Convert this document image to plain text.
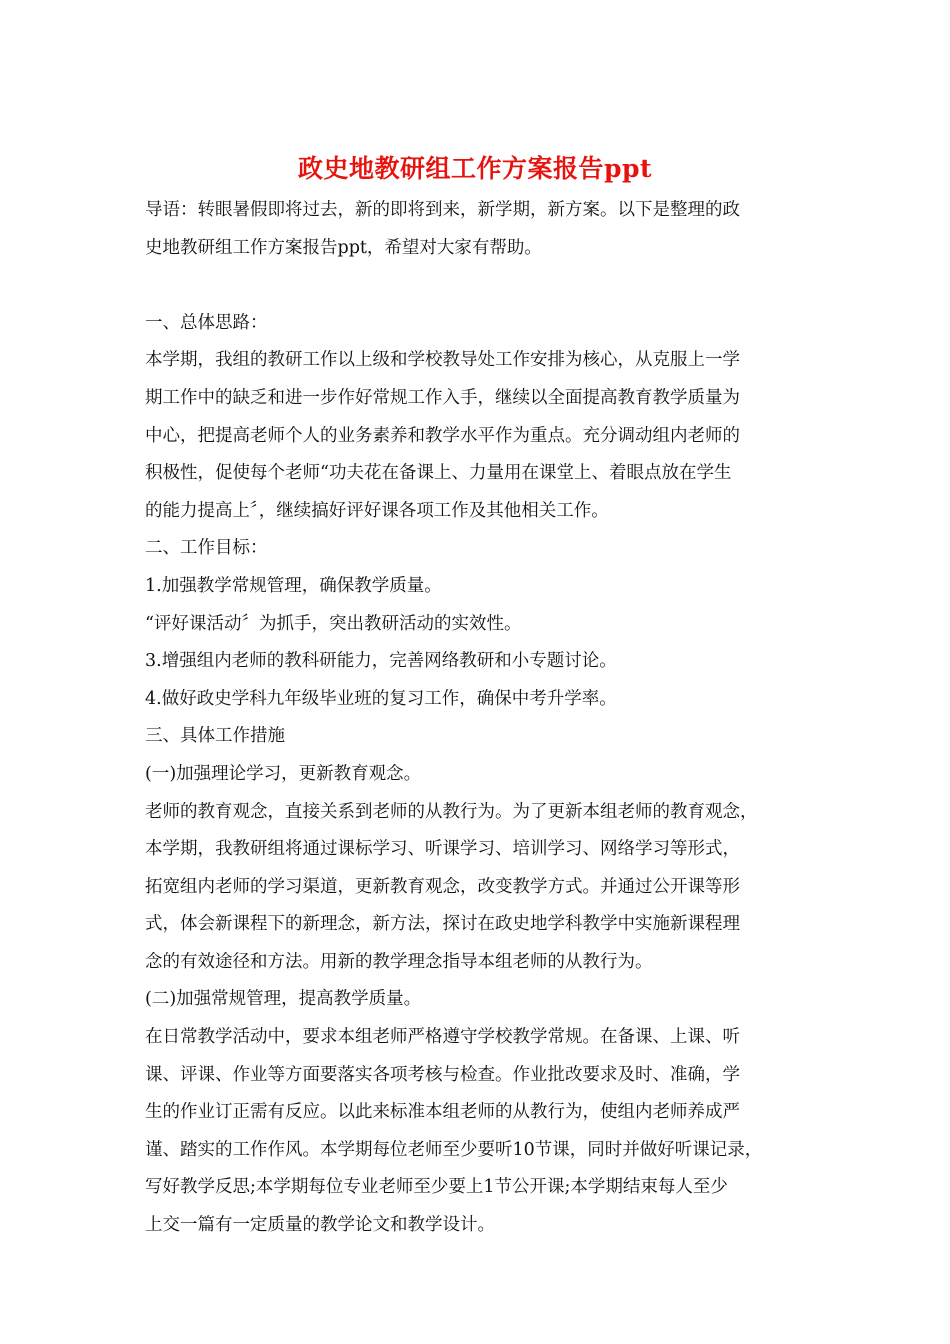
政史地教研组工作方案报告ppt
导语：转眼暑假即将过去，新的即将到来，新学期，新方案。以下是整理的政
史地教研组工作方案报告ppt，希望对大家有帮助。
一、总体思路：
本学期，我组的教研工作以上级和学校教导处工作安排为核心，从克服上一学
期工作中的缺乏和进一步作好常规工作入手，继续以全面提高教育教学质量为
中心，把提高老师个人的业务素养和教学水平作为重点。充分调动组内老师的
积极性，促使每个老师“功夫花在备课上、力量用在课堂上、着眼点放在学生
的能力提高上〞，继续搞好评好课各项工作及其他相关工作。
二、工作目标：
1.加强教学常规管理，确保教学质量。
“评好课活动〞为抓手，突出教研活动的实效性。
3.增强组内老师的教科研能力，完善网络教研和小专题讨论。
4.做好政史学科九年级毕业班的复习工作，确保中考升学率。
三、具体工作措施
(一)加强理论学习，更新教育观念。
老师的教育观念，直接关系到老师的从教行为。为了更新本组老师的教育观念，
本学期，我教研组将通过课标学习、听课学习、培训学习、网络学习等形式，
拓宽组内老师的学习渠道，更新教育观念，改变教学方式。并通过公开课等形
式，体会新课程下的新理念，新方法，探讨在政史地学科教学中实施新课程理
念的有效途径和方法。用新的教学理念指导本组老师的从教行为。
(二)加强常规管理，提高教学质量。
在日常教学活动中，要求本组老师严格遵守学校教学常规。在备课、上课、听
课、评课、作业等方面要落实各项考核与检查。作业批改要求及时、准确，学
生的作业订正需有反应。以此来标准本组老师的从教行为，使组内老师养成严
谨、踏实的工作作风。本学期每位老师至少要听10节课，同时并做好听课记录，
写好教学反思;本学期每位专业老师至少要上1节公开课;本学期结束每人至少
上交一篇有一定质量的教学论文和教学设计。
